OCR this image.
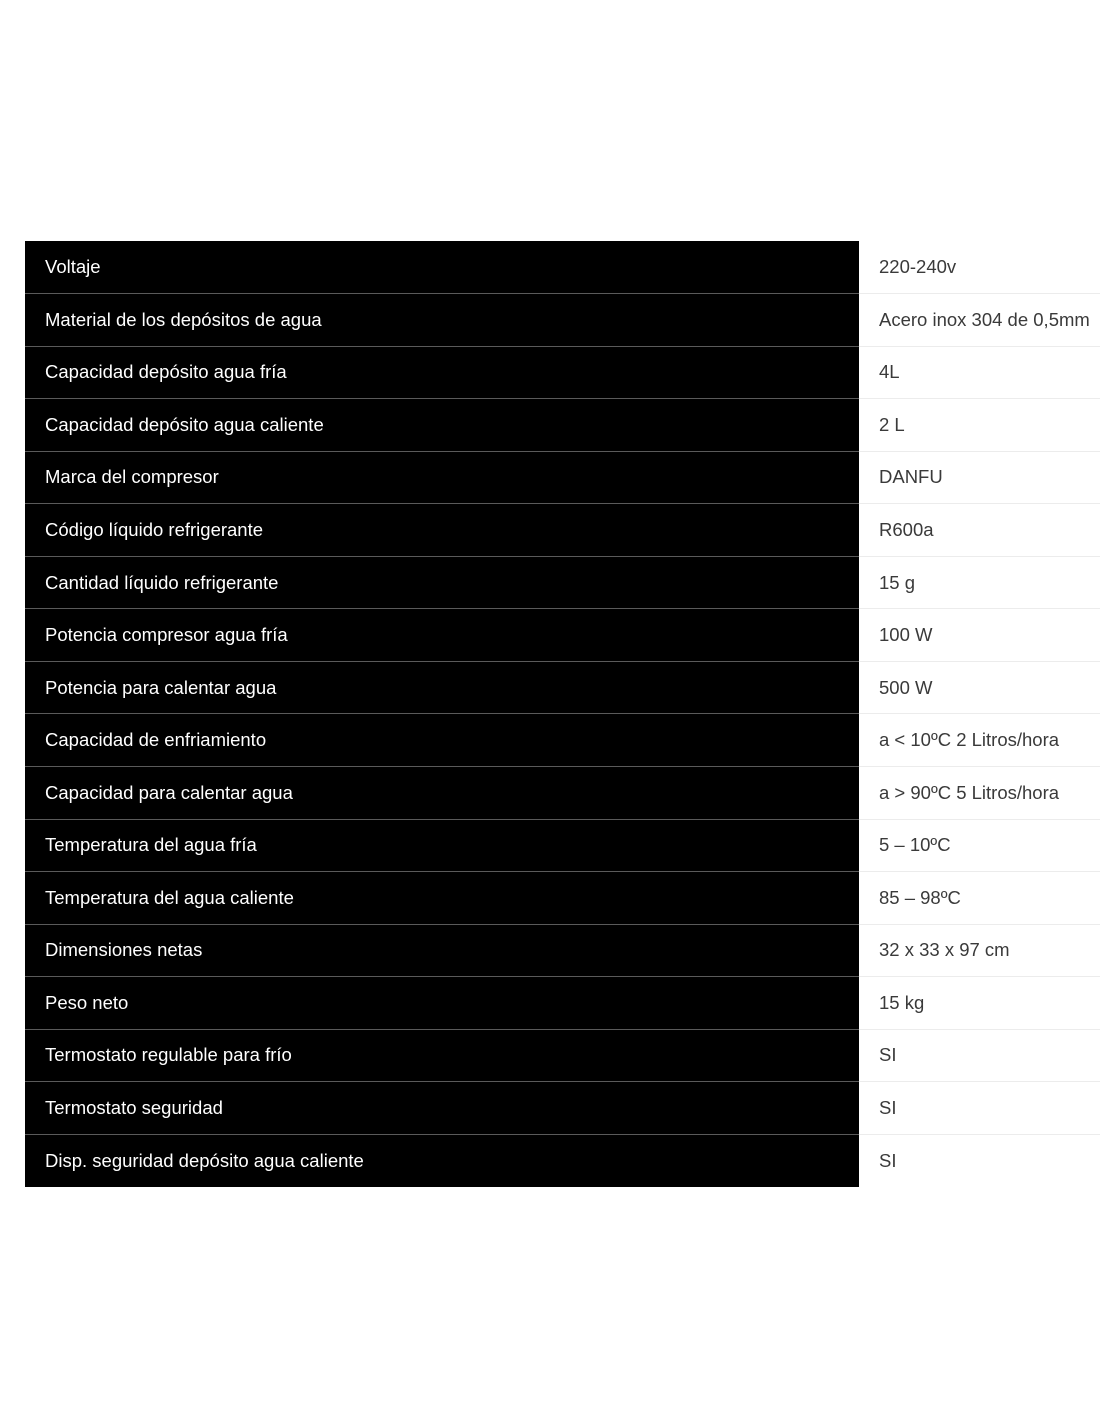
Voltaje	220-240v
Material de los depósitos de agua	Acero inox 304 de 0,5mm
Capacidad depósito agua fría	4L
Capacidad depósito agua caliente	2 L
Marca del compresor	DANFU
Código líquido refrigerante	R600a
Cantidad líquido refrigerante	15 g
Potencia compresor agua fría	100 W
Potencia para calentar agua	500 W
Capacidad de enfriamiento	a < 10ºC 2 Litros/hora
Capacidad para calentar agua	a > 90ºC 5 Litros/hora
Temperatura del agua fría	5 – 10ºC
Temperatura del agua caliente	85 – 98ºC
Dimensiones netas	32 x 33 x 97 cm
Peso neto	15 kg
Termostato regulable para frío	SI
Termostato seguridad	SI
Disp. seguridad depósito agua caliente	SI
